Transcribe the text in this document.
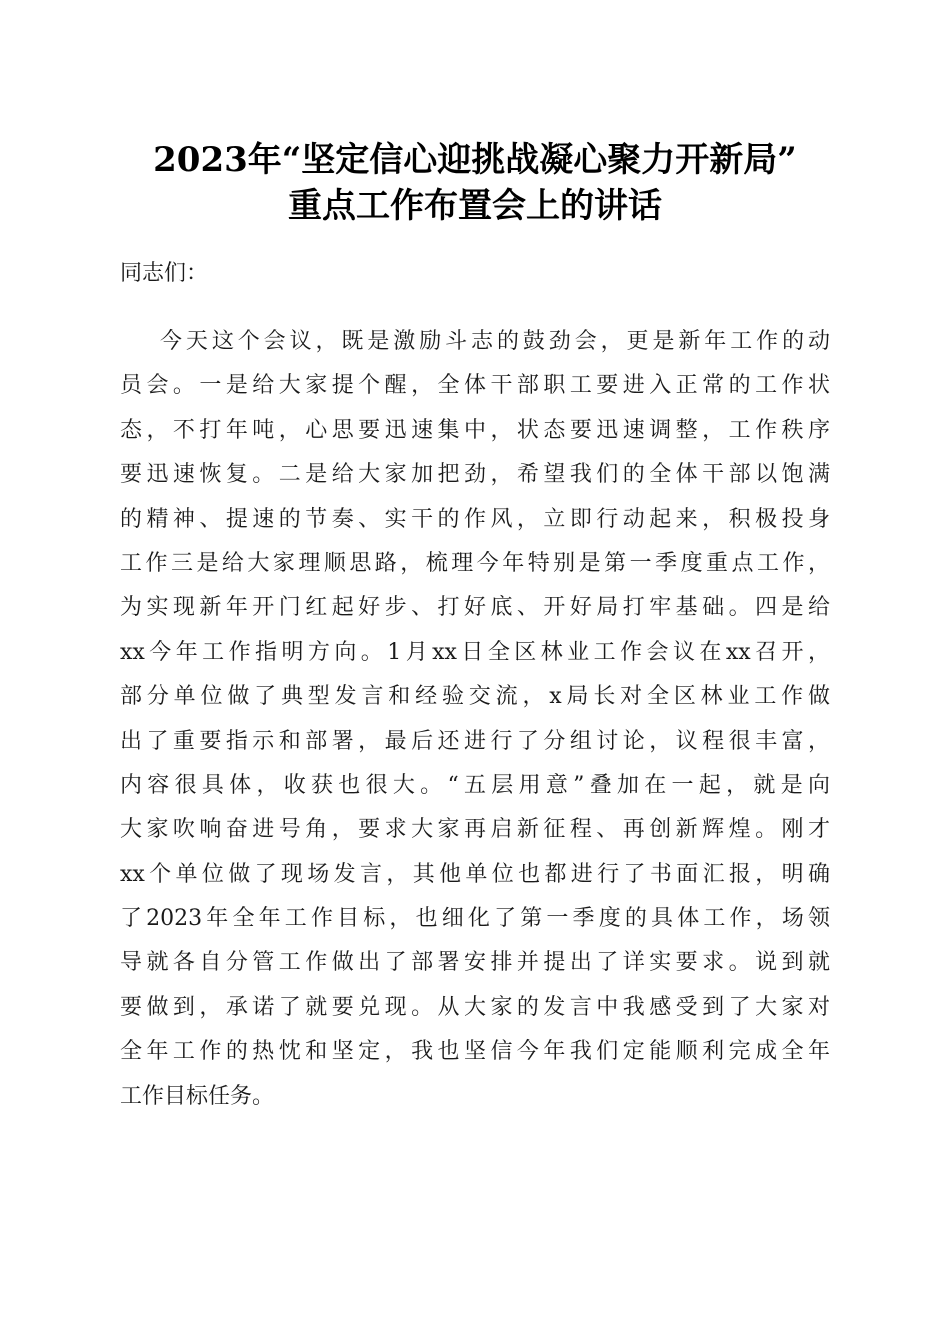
2023年“坚定信心迎挑战凝心聚力开新局”
重点工作布置会上的讲话
同志们：
今天这个会议，既是激励斗志的鼓劲会，更是新年工作的动
员会。一是给大家提个醒，全体干部职工要进入正常的工作状
态，不打年吨，心思要迅速集中，状态要迅速调整，工作秩序
要迅速恢复。二是给大家加把劲，希望我们的全体干部以饱满
的精神、提速的节奏、实干的作风，立即行动起来，积极投身
工作三是给大家理顺思路，梳理今年特别是第一季度重点工作，
为实现新年开门红起好步、打好底、开好局打牢基础。四是给
xx今年工作指明方向。1月xx日全区林业工作会议在xx召开，
部分单位做了典型发言和经验交流，x局长对全区林业工作做
出了重要指示和部署，最后还进行了分组讨论，议程很丰富，
内容很具体，收获也很大。“五层用意”叠加在一起，就是向
大家吹响奋进号角，要求大家再启新征程、再创新辉煌。刚才
xx个单位做了现场发言，其他单位也都进行了书面汇报，明确
了2023年全年工作目标，也细化了第一季度的具体工作，场领
导就各自分管工作做出了部署安排并提出了详实要求。说到就
要做到，承诺了就要兑现。从大家的发言中我感受到了大家对
全年工作的热忱和坚定，我也坚信今年我们定能顺利完成全年
工作目标任务。
